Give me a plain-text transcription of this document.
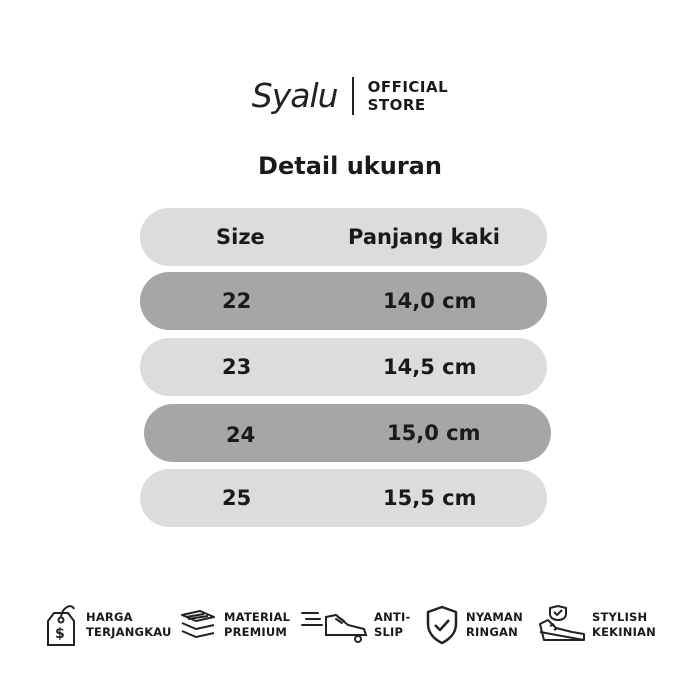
Syalu OFFICIAL
STORE
Detail ukuran
Size	Panjang kaki
22	14,0 cm
23	14,5 cm
24	15,0 cm
25	15,5 cm
$
HARGA
TERJANGKAU
MATERIAL
PREMIUM
ANTI-
SLIP
NYAMAN
RINGAN
STYLISH
KEKINIAN
